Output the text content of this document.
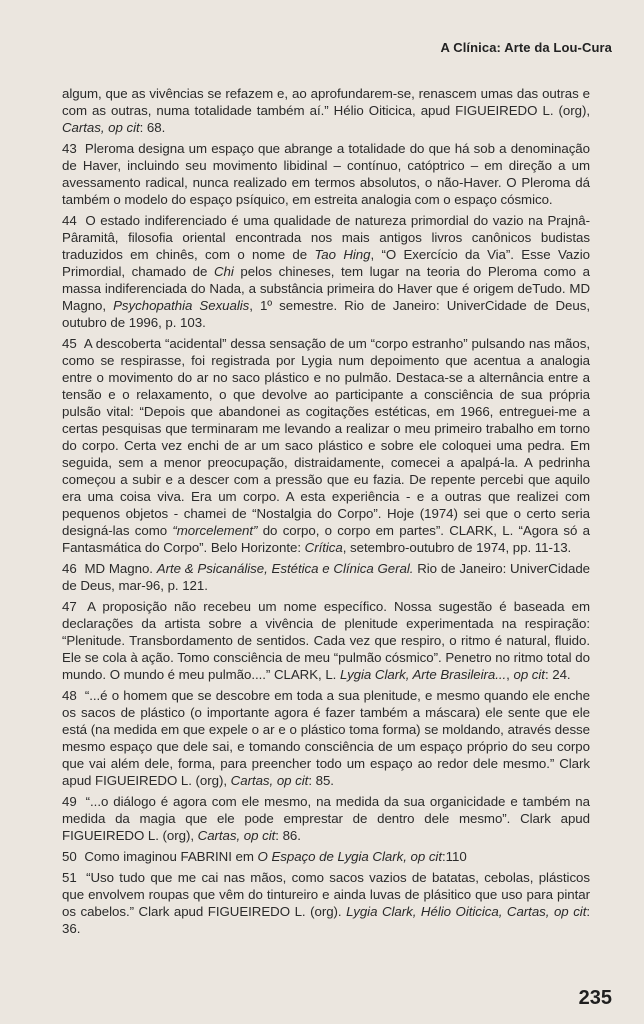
A Clínica: Arte da Lou-Cura

algum, que as vivências se refazem e, ao aprofundarem-se, renascem umas das outras e com as outras, numa totalidade também aí.” Hélio Oiticica, apud FIGUEIREDO L. (org), Cartas, op cit: 68.

43 Pleroma designa um espaço que abrange a totalidade do que há sob a denominação de Haver, incluindo seu movimento libidinal – contínuo, catóptrico – em direção a um avessamento radical, nunca realizado em termos absolutos, o não-Haver. O Pleroma dá também o modelo do espaço psíquico, em estreita analogia com o espaço cósmico.

44 O estado indiferenciado é uma qualidade de natureza primordial do vazio na Prajnâ-Pâramitâ, filosofia oriental encontrada nos mais antigos livros canônicos budistas traduzidos em chinês, com o nome de Tao Hing, “O Exercício da Via”. Esse Vazio Primordial, chamado de Chi pelos chineses, tem lugar na teoria do Pleroma como a massa indiferenciada do Nada, a substância primeira do Haver que é origem deTudo. MD Magno, Psychopathia Sexualis, 1º semestre. Rio de Janeiro: UniverCidade de Deus, outubro de 1996, p. 103.

45 A descoberta “acidental” dessa sensação de um “corpo estranho” pulsando nas mãos, como se respirasse, foi registrada por Lygia num depoimento que acentua a analogia entre o movimento do ar no saco plástico e no pulmão. Destaca-se a alternância entre a tensão e o relaxamento, o que devolve ao participante a consciência de sua própria pulsão vital: “Depois que abandonei as cogitações estéticas, em 1966, entreguei-me a certas pesquisas que terminaram me levando a realizar o meu primeiro trabalho em torno do corpo. Certa vez enchi de ar um saco plástico e sobre ele coloquei uma pedra. Em seguida, sem a menor preocupação, distraidamente, comecei a apalpá-la. A pedrinha começou a subir e a descer com a pressão que eu fazia. De repente percebi que aquilo era uma coisa viva. Era um corpo. A esta experiência - e a outras que realizei com pequenos objetos - chamei de “Nostalgia do Corpo”. Hoje (1974) sei que o certo seria designá-las como “morcelement” do corpo, o corpo em partes”. CLARK, L. “Agora só a Fantasmática do Corpo”. Belo Horizonte: Crítica, setembro-outubro de 1974, pp. 11-13.

46 MD Magno. Arte & Psicanálise, Estética e Clínica Geral. Rio de Janeiro: UniverCidade de Deus, mar-96, p. 121.

47 A proposição não recebeu um nome específico. Nossa sugestão é baseada em declarações da artista sobre a vivência de plenitude experimentada na respiração: “Plenitude. Transbordamento de sentidos. Cada vez que respiro, o ritmo é natural, fluido. Ele se cola à ação. Tomo consciência de meu “pulmão cósmico”. Penetro no ritmo total do mundo. O mundo é meu pulmão....” CLARK, L. Lygia Clark, Arte Brasileira..., op cit: 24.

48 “...é o homem que se descobre em toda a sua plenitude, e mesmo quando ele enche os sacos de plástico (o importante agora é fazer também a máscara) ele sente que ele está (na medida em que expele o ar e o plástico toma forma) se moldando, através desse mesmo espaço que dele sai, e tomando consciência de um espaço próprio do seu corpo que vai além dele, forma, para preencher todo um espaço ao redor dele mesmo.” Clark apud FIGUEIREDO L. (org), Cartas, op cit: 85.

49 “...o diálogo é agora com ele mesmo, na medida da sua organicidade e também na medida da magia que ele pode emprestar de dentro dele mesmo”. Clark apud FIGUEIREDO L. (org), Cartas, op cit: 86.

50 Como imaginou FABRINI em O Espaço de Lygia Clark, op cit:110

51 “Uso tudo que me cai nas mãos, como sacos vazios de batatas, cebolas, plásticos que envolvem roupas que vêm do tintureiro e ainda luvas de plásitico que uso para pintar os cabelos.” Clark apud FIGUEIREDO L. (org). Lygia Clark, Hélio Oiticica, Cartas, op cit: 36.

235
